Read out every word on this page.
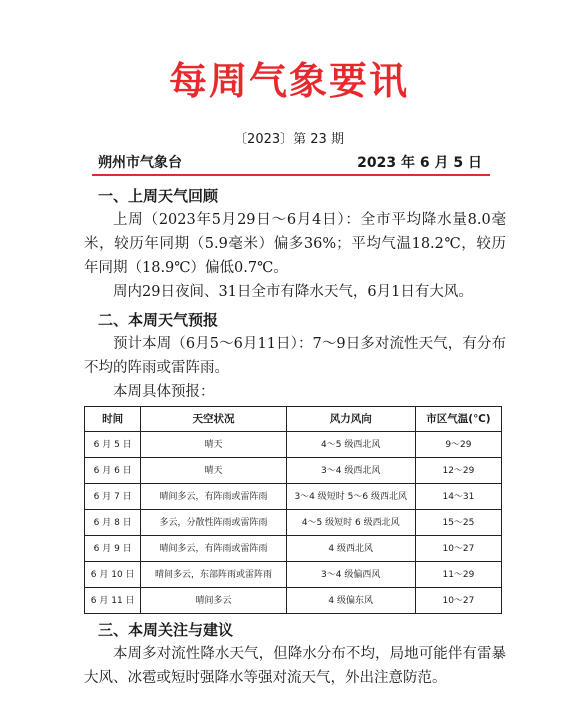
每周气象要讯
〔2023〕第 23 期
朔州市气象台	2023 年 6 月 5 日
一、上周天气回顾

上周（2023年5月29日～6月4日）：全市平均降水量8.0毫米，较历年同期（5.9毫米）偏多36%；平均气温18.2℃，较历年同期（18.9℃）偏低0.7℃。

周内29日夜间、31日全市有降水天气，6月1日有大风。

二、本周天气预报

预计本周（6月5～6月11日）：7～9日多对流性天气，有分布不均的阵雨或雷阵雨。

本周具体预报：

时间	天空状况	风力风向	市区气温(℃)
6 月 5 日	晴天	4～5 级西北风	9～29
6 月 6 日	晴天	3～4 级西北风	12～29
6 月 7 日	晴间多云，有阵雨或雷阵雨	3～4 级短时 5～6 级西北风	14～31
6 月 8 日	多云，分散性阵雨或雷阵雨	4～5 级短时 6 级西北风	15～25
6 月 9 日	晴间多云，有阵雨或雷阵雨	4 级西北风	10～27
6 月 10 日	晴间多云，东部阵雨或雷阵雨	3～4 级偏西风	11～29
6 月 11 日	晴间多云	4 级偏东风	10～27
三、本周关注与建议

本周多对流性降水天气，但降水分布不均，局地可能伴有雷暴大风、冰雹或短时强降水等强对流天气，外出注意防范。
